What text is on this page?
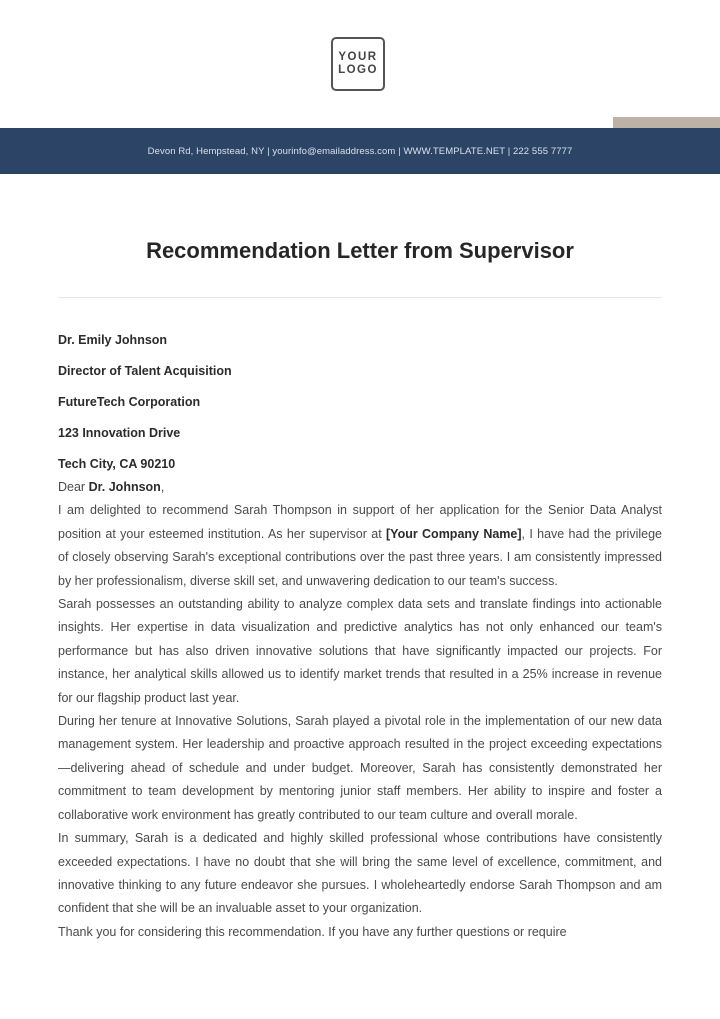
YOUR
LOGO
Devon Rd, Hempstead, NY | yourinfo@emailaddress.com | WWW.TEMPLATE.NET | 222 555 7777
Recommendation Letter from Supervisor
Dr. Emily Johnson
Director of Talent Acquisition
FutureTech Corporation
123 Innovation Drive
Tech City, CA 90210

Dear Dr. Johnson,

I am delighted to recommend Sarah Thompson in support of her application for the Senior Data Analyst position at your esteemed institution. As her supervisor at [Your Company Name], I have had the privilege of closely observing Sarah's exceptional contributions over the past three years. I am consistently impressed by her professionalism, diverse skill set, and unwavering dedication to our team's success.

Sarah possesses an outstanding ability to analyze complex data sets and translate findings into actionable insights. Her expertise in data visualization and predictive analytics has not only enhanced our team's performance but has also driven innovative solutions that have significantly impacted our projects. For instance, her analytical skills allowed us to identify market trends that resulted in a 25% increase in revenue for our flagship product last year.

During her tenure at Innovative Solutions, Sarah played a pivotal role in the implementation of our new data management system. Her leadership and proactive approach resulted in the project exceeding expectations—delivering ahead of schedule and under budget. Moreover, Sarah has consistently demonstrated her commitment to team development by mentoring junior staff members. Her ability to inspire and foster a collaborative work environment has greatly contributed to our team culture and overall morale.

In summary, Sarah is a dedicated and highly skilled professional whose contributions have consistently exceeded expectations. I have no doubt that she will bring the same level of excellence, commitment, and innovative thinking to any future endeavor she pursues. I wholeheartedly endorse Sarah Thompson and am confident that she will be an invaluable asset to your organization.

Thank you for considering this recommendation. If you have any further questions or require
